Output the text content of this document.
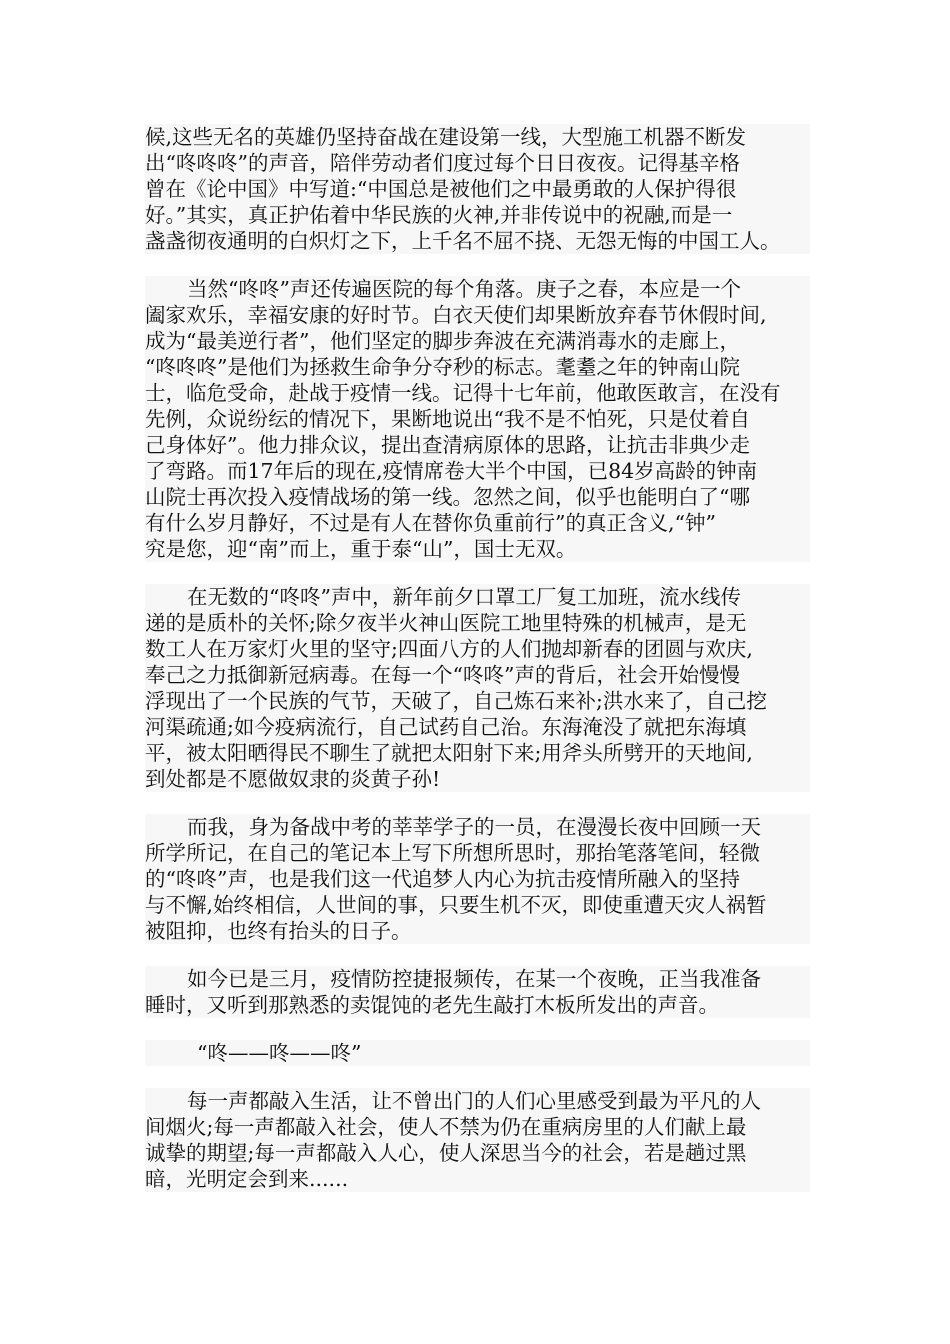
候,这些无名的英雄仍坚持奋战在建设第一线，大型施工机器不断发
出“咚咚咚”的声音，陪伴劳动者们度过每个日日夜夜。记得基辛格
曾在《论中国》中写道:“中国总是被他们之中最勇敢的人保护得很
好。”其实，真正护佑着中华民族的火神,并非传说中的祝融,而是一
盏盏彻夜通明的白炽灯之下，上千名不屈不挠、无怨无悔的中国工人。
当然“咚咚”声还传遍医院的每个角落。庚子之春，本应是一个
阖家欢乐，幸福安康的好时节。白衣天使们却果断放弃春节休假时间,
成为“最美逆行者”，他们坚定的脚步奔波在充满消毒水的走廊上，
“咚咚咚”是他们为拯救生命争分夺秒的标志。耄耋之年的钟南山院
士，临危受命，赴战于疫情一线。记得十七年前，他敢医敢言，在没有
先例，众说纷纭的情况下，果断地说出“我不是不怕死，只是仗着自
己身体好”。他力排众议，提出查清病原体的思路，让抗击非典少走
了弯路。而17年后的现在,疫情席卷大半个中国，已84岁高龄的钟南
山院士再次投入疫情战场的第一线。忽然之间，似乎也能明白了“哪
有什么岁月静好，不过是有人在替你负重前行”的真正含义,“钟”
究是您，迎“南”而上，重于泰“山”，国士无双。
在无数的“咚咚”声中，新年前夕口罩工厂复工加班，流水线传
递的是质朴的关怀;除夕夜半火神山医院工地里特殊的机械声，是无
数工人在万家灯火里的坚守;四面八方的人们抛却新春的团圆与欢庆,
奉己之力抵御新冠病毒。在每一个“咚咚”声的背后，社会开始慢慢
浮现出了一个民族的气节，天破了，自己炼石来补;洪水来了，自己挖
河渠疏通;如今疫病流行，自己试药自己治。东海淹没了就把东海填
平，被太阳晒得民不聊生了就把太阳射下来;用斧头所劈开的天地间,
到处都是不愿做奴隶的炎黄子孙!
而我，身为备战中考的莘莘学子的一员，在漫漫长夜中回顾一天
所学所记，在自己的笔记本上写下所想所思时，那抬笔落笔间，轻微
的“咚咚”声，也是我们这一代追梦人内心为抗击疫情所融入的坚持
与不懈,始终相信，人世间的事，只要生机不灭，即使重遭天灾人祸暂
被阻抑，也终有抬头的日子。
如今已是三月，疫情防控捷报频传，在某一个夜晚，正当我准备
睡时，又听到那熟悉的卖馄饨的老先生敲打木板所发出的声音。
“咚——咚——咚”
每一声都敲入生活，让不曾出门的人们心里感受到最为平凡的人
间烟火;每一声都敲入社会，使人不禁为仍在重病房里的人们献上最
诚挚的期望;每一声都敲入人心，使人深思当今的社会，若是趟过黑
暗，光明定会到来......
